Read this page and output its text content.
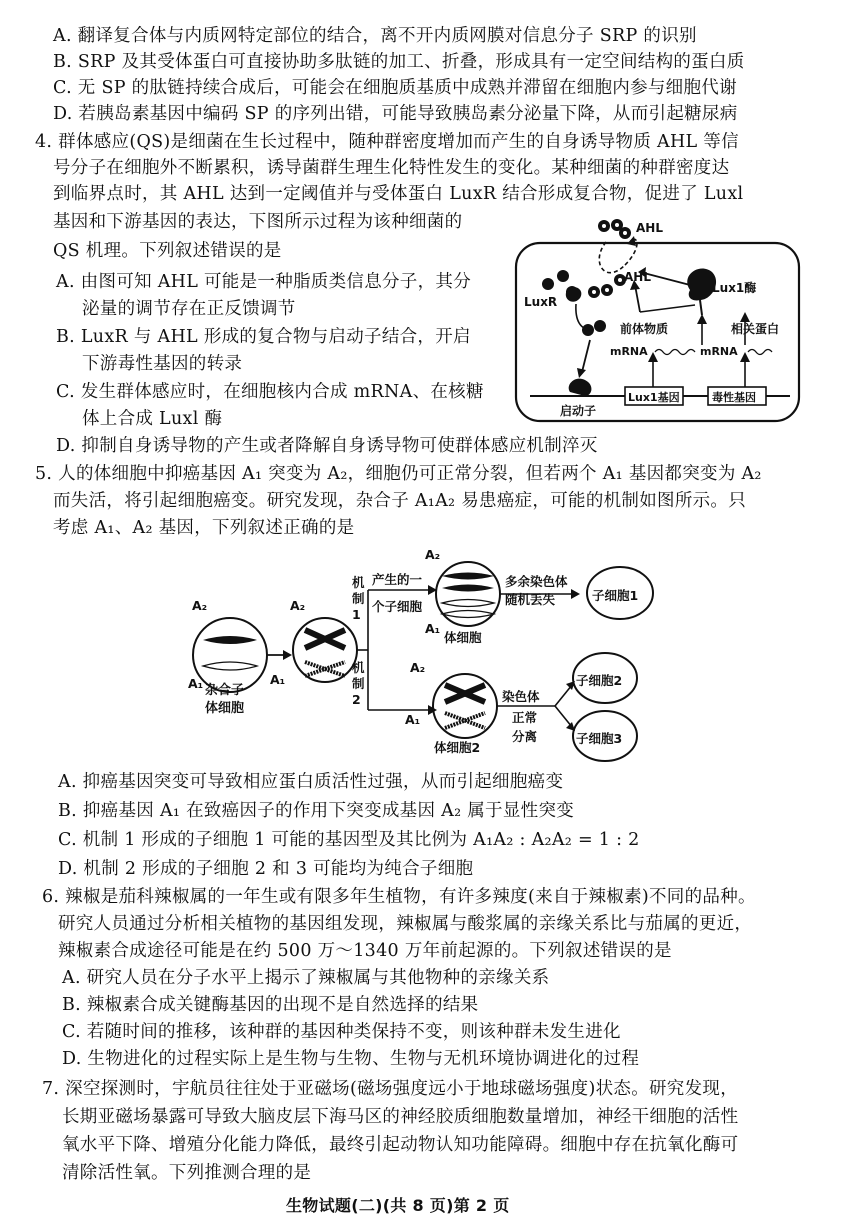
A. 翻译复合体与内质网特定部位的结合，离不开内质网膜对信息分子 SRP 的识别
B. SRP 及其受体蛋白可直接协助多肽链的加工、折叠，形成具有一定空间结构的蛋白质
C. 无 SP 的肽链持续合成后，可能会在细胞质基质中成熟并滞留在细胞内参与细胞代谢
D. 若胰岛素基因中编码 SP 的序列出错，可能导致胰岛素分泌量下降，从而引起糖尿病
4. 群体感应(QS)是细菌在生长过程中，随种群密度增加而产生的自身诱导物质 AHL 等信
号分子在细胞外不断累积，诱导菌群生理生化特性发生的变化。某种细菌的种群密度达
到临界点时，其 AHL 达到一定阈值并与受体蛋白 LuxR 结合形成复合物，促进了 Luxl
基因和下游基因的表达，下图所示过程为该种细菌的
QS 机理。下列叙述错误的是
A. 由图可知 AHL 可能是一种脂质类信息分子，其分
泌量的调节存在正反馈调节
B. LuxR 与 AHL 形成的复合物与启动子结合，开启
下游毒性基因的转录
C. 发生群体感应时，在细胞核内合成 mRNA、在核糖
体上合成 Luxl 酶
D. 抑制自身诱导物的产生或者降解自身诱导物可使群体感应机制淬灭
AHL
AHL
LuxR
Lux1酶
前体物质	相关蛋白
mRNA	mRNA
启动子
Lux1基因	毒性基因
5. 人的体细胞中抑癌基因 A₁ 突变为 A₂，细胞仍可正常分裂，但若两个 A₁ 基因都突变为 A₂
而失活，将引起细胞癌变。研究发现，杂合子 A₁A₂ 易患癌症，可能的机制如图所示。只
考虑 A₁、A₂ 基因，下列叙述正确的是
A₂
A₁ 杂合子
体细胞
A₂
A₁
机
制
1
机
制
2
产生的一
个子细胞
A₂
A₁
体细胞
多余染色体
随机丢失	子细胞1
A₂
A₁
体细胞2
染色体
正常
分离
子细胞2
子细胞3
A. 抑癌基因突变可导致相应蛋白质活性过强，从而引起细胞癌变
B. 抑癌基因 A₁ 在致癌因子的作用下突变成基因 A₂ 属于显性突变
C. 机制 1 形成的子细胞 1 可能的基因型及其比例为 A₁A₂ : A₂A₂ = 1 : 2
D. 机制 2 形成的子细胞 2 和 3 可能均为纯合子细胞
6. 辣椒是茄科辣椒属的一年生或有限多年生植物，有许多辣度(来自于辣椒素)不同的品种。
研究人员通过分析相关植物的基因组发现，辣椒属与酸浆属的亲缘关系比与茄属的更近，
辣椒素合成途径可能是在约 500 万～1340 万年前起源的。下列叙述错误的是
A. 研究人员在分子水平上揭示了辣椒属与其他物种的亲缘关系
B. 辣椒素合成关键酶基因的出现不是自然选择的结果
C. 若随时间的推移，该种群的基因种类保持不变，则该种群未发生进化
D. 生物进化的过程实际上是生物与生物、生物与无机环境协调进化的过程
7. 深空探测时，宇航员往往处于亚磁场(磁场强度远小于地球磁场强度)状态。研究发现，
长期亚磁场暴露可导致大脑皮层下海马区的神经胶质细胞数量增加，神经干细胞的活性
氧水平下降、增殖分化能力降低，最终引起动物认知功能障碍。细胞中存在抗氧化酶可
清除活性氧。下列推测合理的是
生物试题(二)(共 8 页)第 2 页
